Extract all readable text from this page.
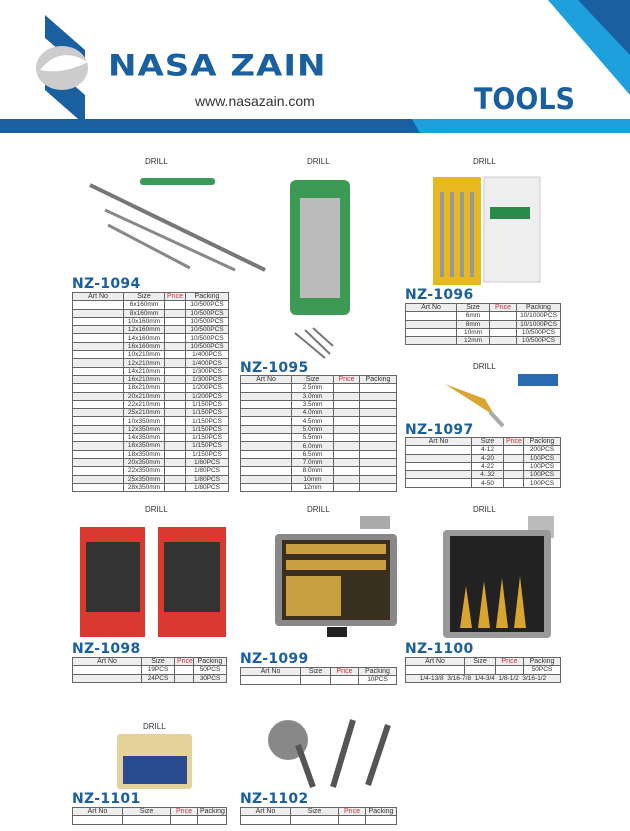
NASA ZAIN
www.nasazain.com	TOOLS
DRILL	DRILL	DRILL
DRILL
DRILL	DRILL	DRILL
DRILL
NZ-1094
Art No	Size	Price	Packing
	6x160mm		10/500PCS
	8x160mm		10/500PCS
	10x160mm		10/500PCS
	12x160mm		10/500PCS
	14x160mm		10/500PCS
	16x160mm		10/500PCS
	10x210mm		1/400PCS
	12x210mm		1/400PCS
	14x210mm		1/300PCS
	16x210mm		1/300PCS
	18x210mm		1/200PCS
	20x210mm		1/200PCS
	22x210mm		1/150PCS
	25x210mm		1/150PCS
	10x350mm		1/150PCS
	12x350mm		1/150PCS
	14x350mm		1/150PCS
	16x350mm		1/150PCS
	18x350mm		1/150PCS
	20x350mm		1/80PCS
	22x350mm		1/80PCS
	25x350mm		1/80PCS
	28x350mm		1/80PCS
NZ-1095
Art No	Size	Price	Packing
	2.5mm		
	3.0mm		
	3.5mm		
	4.0mm		
	4.5mm		
	5.0mm		
	5.5mm		
	6.0mm		
	6.5mm		
	7.0mm		
	8.0mm		
	10mm		
	12mm		
NZ-1096
Art No	Size	Price	Packing
	6mm		10/1000PCS
	8mm		10/1000PCS
	10mm		10/500PCS
	12mm		10/500PCS
NZ-1097
Art No	Size	Price	Packing
	4-12		200PCS
	4-20		100PCS
	4-22		100PCS
	4..32		100PCS
	4-50		100PCS
NZ-1098
Art No	Size	Price	Packing
	19PCS		50PCS
	24PCS		30PCS
NZ-1099
Art No	Size	Price	Packing
			10PCS
NZ-1100
Art No	Size	Price	Packing
			50PCS
1/4-13/8  3/16-7/8  1/4-3/4  1/8-1/2  3/16-1/2			
NZ-1101
Art No	Size	Price	Packing

NZ-1102
Art No	Size	Price	Packing
